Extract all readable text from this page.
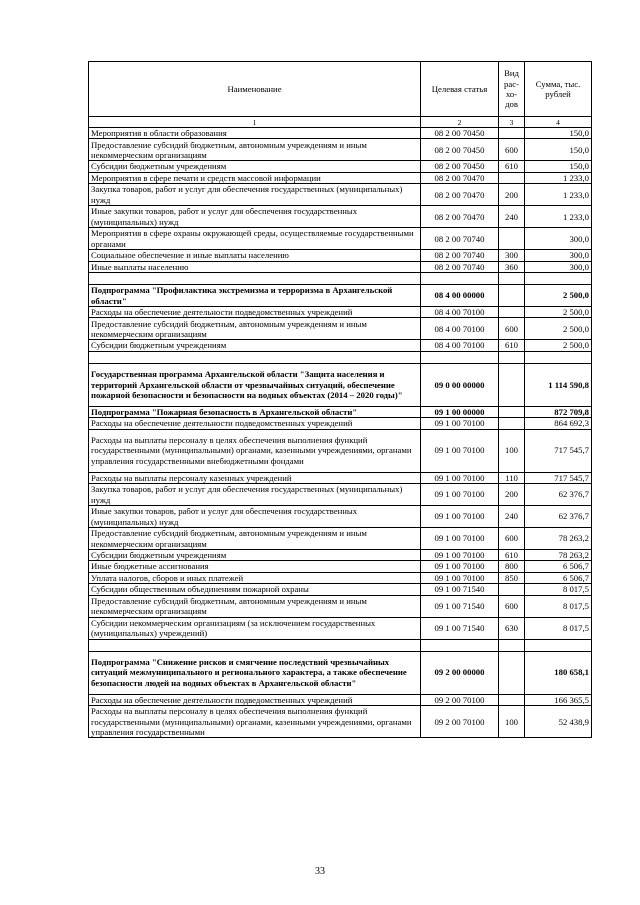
Наименование	Целевая статья	Вид рас-хо-дов	Сумма, тыс. рублей
1	2	3	4
Мероприятия в области образования	08 2 00 70450		150,0
Предоставление субсидий бюджетным, автономным учреждениям и иным некоммерческим организациям	08 2 00 70450	600	150,0
Субсидии бюджетным учреждениям	08 2 00 70450	610	150,0
Мероприятия в сфере печати и средств массовой информации	08 2 00 70470		1 233,0
Закупка товаров, работ и услуг для обеспечения государственных (муниципальных) нужд	08 2 00 70470	200	1 233,0
Иные закупки товаров, работ и услуг для обеспечения государственных (муниципальных) нужд	08 2 00 70470	240	1 233,0
Мероприятия в сфере охраны окружающей среды, осуществляемые государственными органами	08 2 00 70740		300,0
Социальное обеспечение и иные выплаты населению	08 2 00 70740	300	300,0
Иные выплаты населению	08 2 00 70740	360	300,0

Подпрограмма "Профилактика экстремизма и терроризма в Архангельской области"	08 4 00 00000		2 500,0
Расходы на обеспечение деятельности подведомственных учреждений	08 4 00 70100		2 500,0
Предоставление субсидий бюджетным, автономным учреждениям и иным некоммерческим организациям	08 4 00 70100	600	2 500,0
Субсидии бюджетным учреждениям	08 4 00 70100	610	2 500,0

Государственная программа Архангельской области "Защита населения и территорий Архангельской области от чрезвычайных ситуаций, обеспечение пожарной безопасности и безопасности на водных объектах (2014 – 2020 годы)"	09 0 00 00000		1 114 590,8
Подпрограмма "Пожарная безопасность в Архангельской области"	09 1 00 00000		872 709,8
Расходы на обеспечение деятельности подведомственных учреждений	09 1 00 70100		864 692,3
Расходы на выплаты персоналу в целях обеспечения выполнения функций государственными (муниципальными) органами, казенными учреждениями, органами управления государственными внебюджетными фондами	09 1 00 70100	100	717 545,7
Расходы на выплаты персоналу казенных учреждений	09 1 00 70100	110	717 545,7
Закупка товаров, работ и услуг для обеспечения государственных (муниципальных) нужд	09 1 00 70100	200	62 376,7
Иные закупки товаров, работ и услуг для обеспечения государственных (муниципальных) нужд	09 1 00 70100	240	62 376,7
Предоставление субсидий бюджетным, автономным учреждениям и иным некоммерческим организациям	09 1 00 70100	600	78 263,2
Субсидии бюджетным учреждениям	09 1 00 70100	610	78 263,2
Иные бюджетные ассигнования	09 1 00 70100	800	6 506,7
Уплата налогов, сборов и иных платежей	09 1 00 70100	850	6 506,7
Субсидии общественным объединениям пожарной охраны	09 1 00 71540		8 017,5
Предоставление субсидий бюджетным, автономным учреждениям и иным некоммерческим организациям	09 1 00 71540	600	8 017,5
Субсидии некоммерческим организациям (за исключением государственных (муниципальных) учреждений)	09 1 00 71540	630	8 017,5

Подпрограмма "Снижение рисков и смягчение последствий чрезвычайных ситуаций межмуниципального и регионального характера, а также обеспечение безопасности людей на водных объектах в Архангельской области"	09 2 00 00000		180 658,1
Расходы на обеспечение деятельности подведомственных учреждений	09 2 00 70100		166 365,5
Расходы на выплаты персоналу в целях обеспечения выполнения функций государственными (муниципальными) органами, казенными учреждениями, органами управления государственными	09 2 00 70100	100	52 438,9
33
